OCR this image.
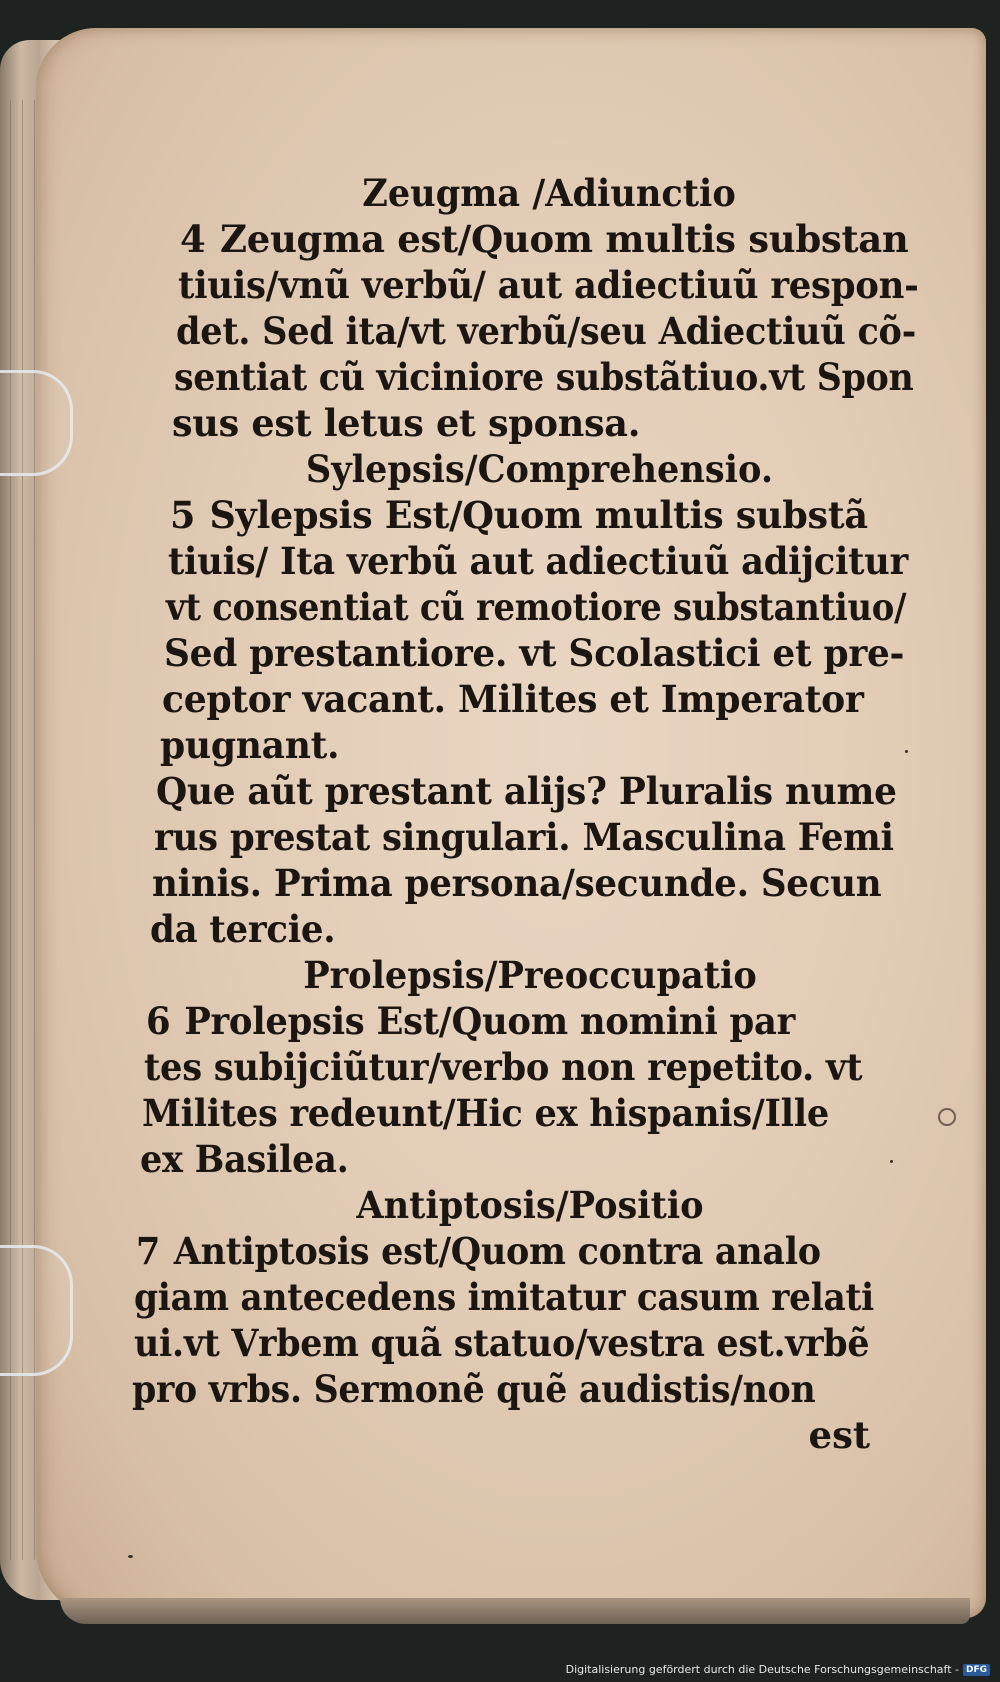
Zeugma /Adiunctio
4 Zeugma est/Quom multis substan
tiuis/vnũ verbũ/ aut adiectiuũ respon-
det. Sed ita/vt verbũ/seu Adiectiuũ cõ-
sentiat cũ viciniore substãtiuo.vt Spon
sus est letus et sponsa.
Sylepsis/Comprehensio.
5 Sylepsis Est/Quom multis substã
tiuis/ Ita verbũ aut adiectiuũ adijcitur
vt consentiat cũ remotiore substantiuo/
Sed prestantiore. vt Scolastici et pre-
ceptor vacant. Milites et Imperator
pugnant.
Que aũt prestant alijs? Pluralis nume
rus prestat singulari. Masculina Femi
ninis. Prima persona/secunde. Secun
da tercie.
Prolepsis/Preoccupatio
6 Prolepsis Est/Quom nomini par
tes subijciũtur/verbo non repetito. vt
Milites redeunt/Hic ex hispanis/Ille
ex Basilea.
Antiptosis/Positio
7 Antiptosis est/Quom contra analo
giam antecedens imitatur casum relati
ui.vt Vrbem quã statuo/vestra est.vrbẽ
pro vrbs. Sermonẽ quẽ audistis/non
est
Digitalisierung gefördert durch die Deutsche Forschungsgemeinschaft - DFG
